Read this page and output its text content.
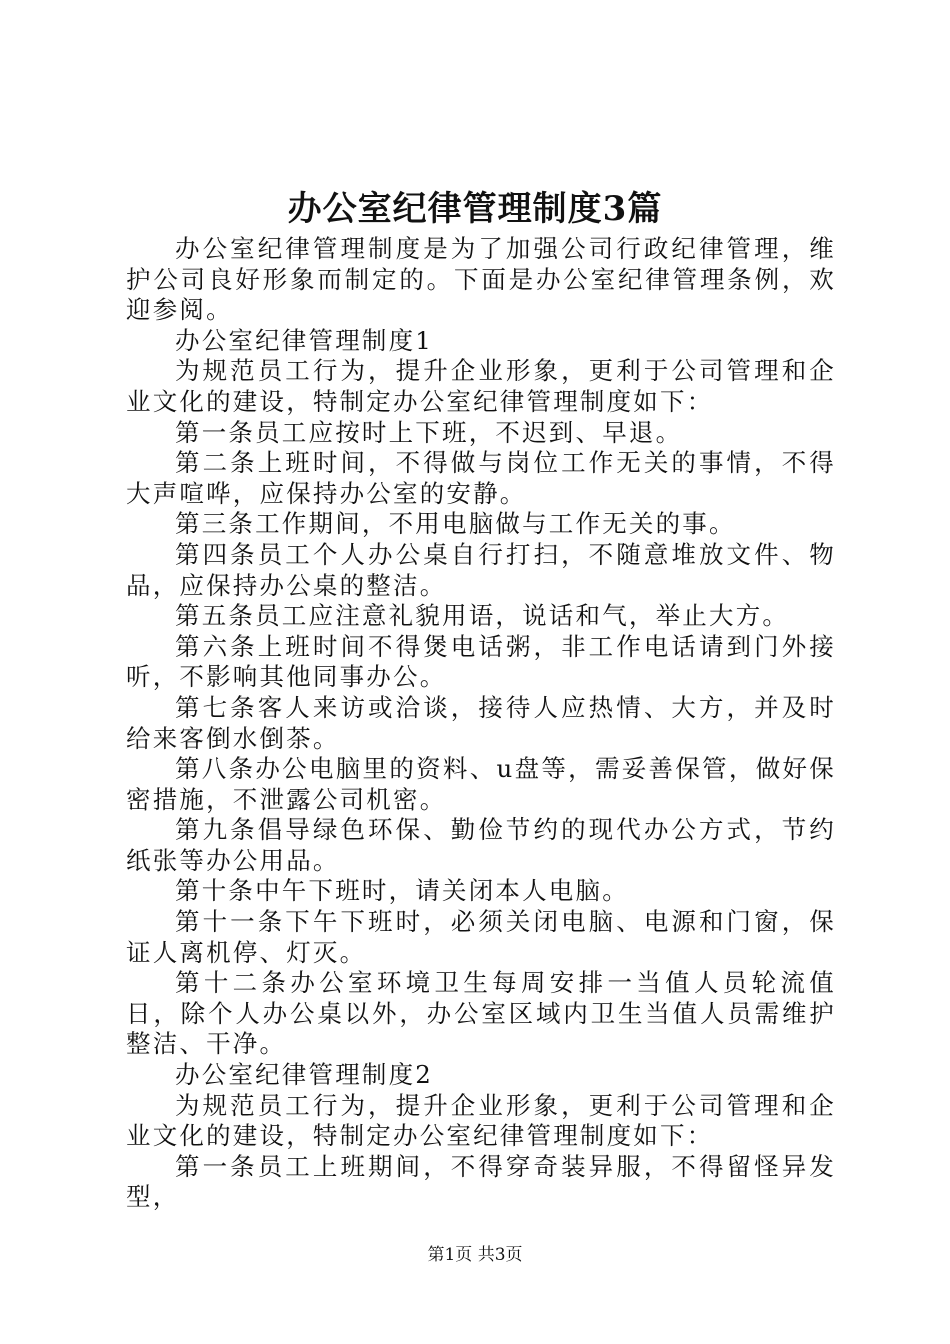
办公室纪律管理制度3篇

办公室纪律管理制度是为了加强公司行政纪律管理，维护公司良好形象而制定的。下面是办公室纪律管理条例，欢迎参阅。

办公室纪律管理制度1

为规范员工行为，提升企业形象，更利于公司管理和企业文化的建设，特制定办公室纪律管理制度如下：

第一条员工应按时上下班，不迟到、早退。

第二条上班时间，不得做与岗位工作无关的事情，不得大声喧哗，应保持办公室的安静。

第三条工作期间，不用电脑做与工作无关的事。

第四条员工个人办公桌自行打扫，不随意堆放文件、物品，应保持办公桌的整洁。

第五条员工应注意礼貌用语，说话和气，举止大方。

第六条上班时间不得煲电话粥，非工作电话请到门外接听，不影响其他同事办公。

第七条客人来访或洽谈，接待人应热情、大方，并及时给来客倒水倒茶。

第八条办公电脑里的资料、u盘等，需妥善保管，做好保密措施，不泄露公司机密。

第九条倡导绿色环保、勤俭节约的现代办公方式，节约纸张等办公用品。

第十条中午下班时，请关闭本人电脑。

第十一条下午下班时，必须关闭电脑、电源和门窗，保证人离机停、灯灭。

第十二条办公室环境卫生每周安排一当值人员轮流值日，除个人办公桌以外，办公室区域内卫生当值人员需维护整洁、干净。

办公室纪律管理制度2

为规范员工行为，提升企业形象，更利于公司管理和企业文化的建设，特制定办公室纪律管理制度如下：

第一条员工上班期间，不得穿奇装异服，不得留怪异发型，

第1页 共3页
